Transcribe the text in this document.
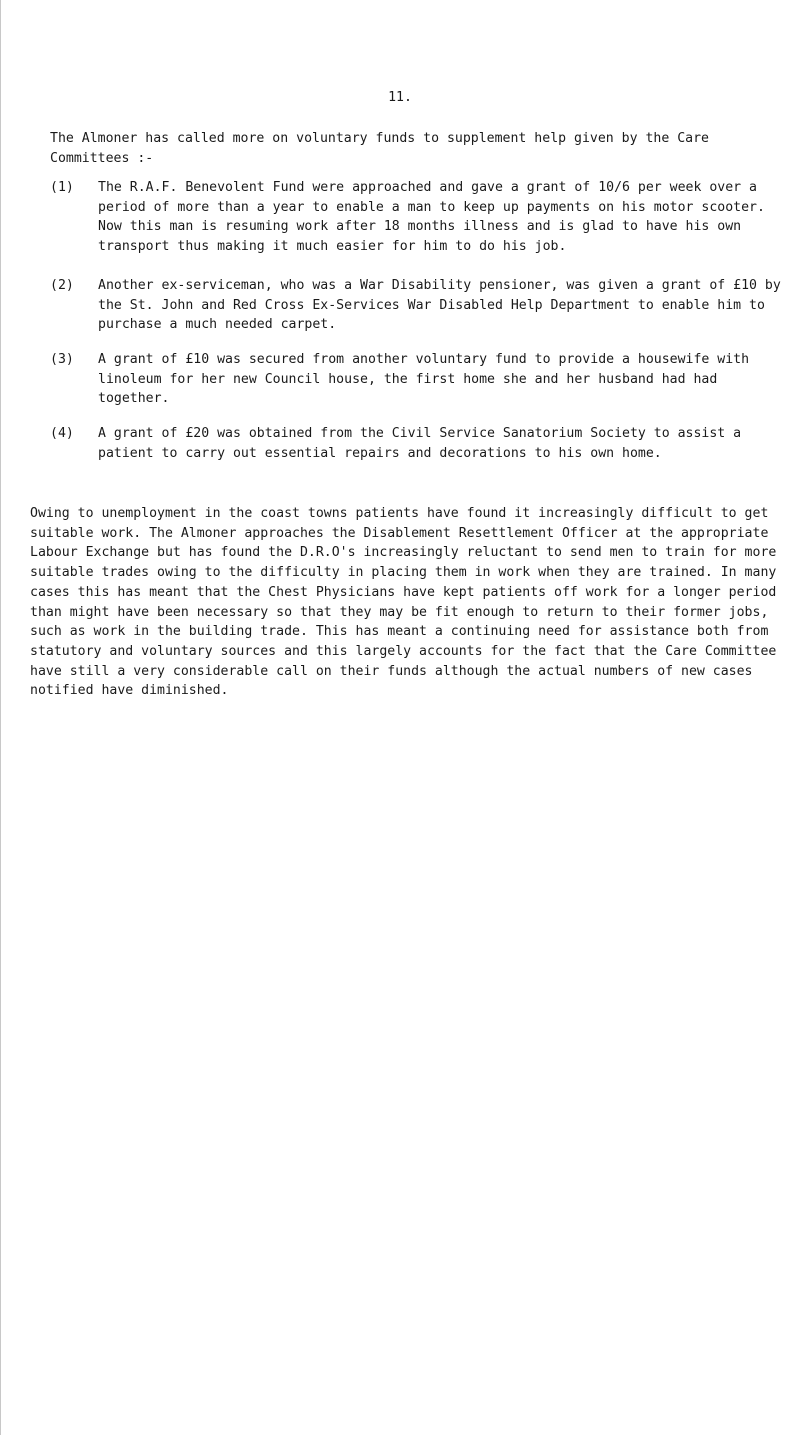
11.

The Almoner has called more on voluntary funds to supplement help given by the Care Committees :-

(1)	The R.A.F. Benevolent Fund were approached and gave a grant of 10/6 per week over a period of more than a year to enable a man to keep up payments on his motor scooter. Now this man is resuming work after 18 months illness and is glad to have his own transport thus making it much easier for him to do his job.
(2)	Another ex-serviceman, who was a War Disability pensioner, was given a grant of £10 by the St. John and Red Cross Ex-Services War Disabled Help Department to enable him to purchase a much needed carpet.
(3)	A grant of £10 was secured from another voluntary fund to provide a housewife with linoleum for her new Council house, the first home she and her husband had had together.
(4)	A grant of £20 was obtained from the Civil Service Sanatorium Society to assist a patient to carry out essential repairs and decorations to his own home.

Owing to unemployment in the coast towns patients have found it increasingly difficult to get suitable work. The Almoner approaches the Disablement Resettlement Officer at the appropriate Labour Exchange but has found the D.R.O's increasingly reluctant to send men to train for more suitable trades owing to the difficulty in placing them in work when they are trained. In many cases this has meant that the Chest Physicians have kept patients off work for a longer period than might have been necessary so that they may be fit enough to return to their former jobs, such as work in the building trade. This has meant a continuing need for assistance both from statutory and voluntary sources and this largely accounts for the fact that the Care Committee have still a very considerable call on their funds although the actual numbers of new cases notified have diminished.
